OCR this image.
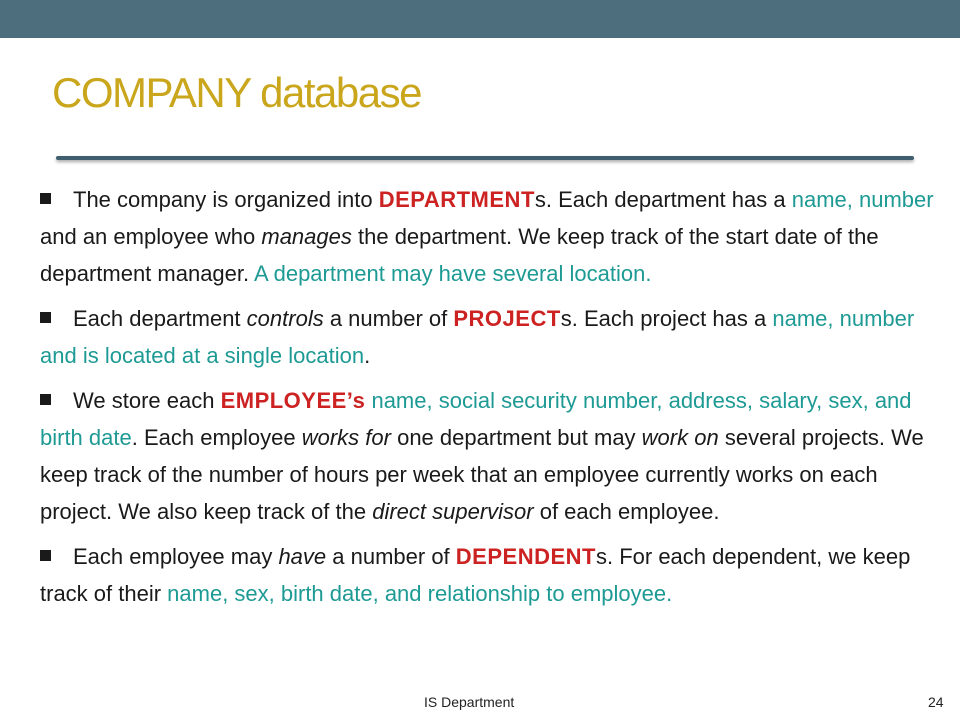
COMPANY database
The company is organized into DEPARTMENTs. Each department has a name, number and an employee who manages the department. We keep track of the start date of the department manager. A department may have several location.
Each department controls a number of PROJECTs. Each project has a name, number and is located at a single location.
We store each EMPLOYEE’s name, social security number, address, salary, sex, and birth date. Each employee works for one department but may work on several projects. We keep track of the number of hours per week that an employee currently works on each project. We also keep track of the direct supervisor of each employee.
Each employee may have a number of DEPENDENTs. For each dependent, we keep track of their name, sex, birth date, and relationship to employee.
IS Department	24
